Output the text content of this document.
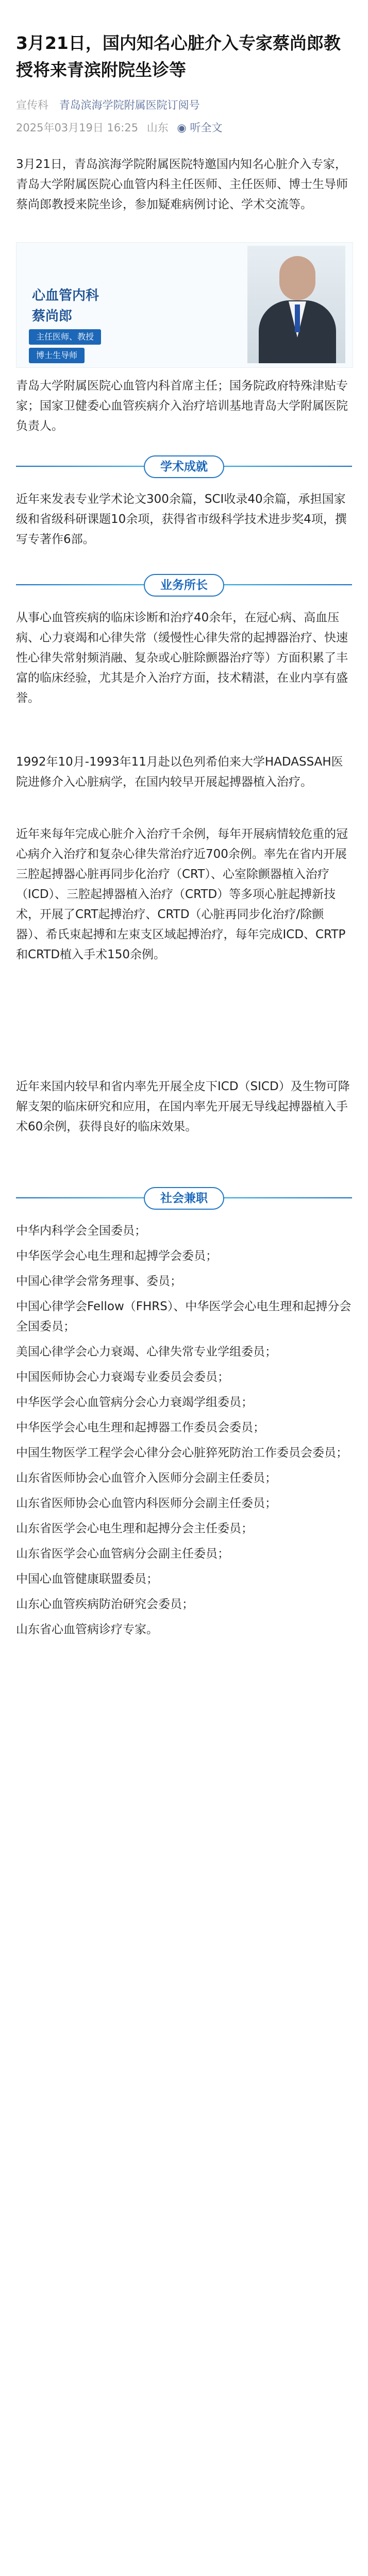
3月21日，国内知名心脏介入专家蔡尚郎教授将来青滨附院坐诊等
宣传科 青岛滨海学院附属医院订阅号
2025年03月19日 16:25 山东 ◉ 听全文

3月21日，青岛滨海学院附属医院特邀国内知名心脏介入专家，青岛大学附属医院心血管内科主任医师、主任医师、博士生导师蔡尚郎教授来院坐诊，参加疑难病例讨论、学术交流等。

心血管内科
蔡尚郎
主任医师、教授
博士生导师

青岛大学附属医院心血管内科首席主任；国务院政府特殊津贴专家；国家卫健委心血管疾病介入治疗培训基地青岛大学附属医院负责人。

学术成就

近年来发表专业学术论文300余篇，SCI收录40余篇，承担国家级和省级科研课题10余项，获得省市级科学技术进步奖4项，撰写专著作6部。

业务所长

从事心血管疾病的临床诊断和治疗40余年，在冠心病、高血压病、心力衰竭和心律失常（缓慢性心律失常的起搏器治疗、快速性心律失常射频消融、复杂或心脏除颤器治疗等）方面积累了丰富的临床经验，尤其是介入治疗方面，技术精湛，在业内享有盛誉。

1992年10月-1993年11月赴以色列希伯来大学HADASSAH医院进修介入心脏病学，在国内较早开展起搏器植入治疗。

近年来每年完成心脏介入治疗千余例，每年开展病情较危重的冠心病介入治疗和复杂心律失常治疗近700余例。率先在省内开展三腔起搏器心脏再同步化治疗（CRT）、心室除颤器植入治疗（ICD）、三腔起搏器植入治疗（CRTD）等多项心脏起搏新技术，开展了CRT起搏治疗、CRTD（心脏再同步化治疗/除颤器）、希氏束起搏和左束支区域起搏治疗，每年完成ICD、CRTP和CRTD植入手术150余例。

近年来国内较早和省内率先开展全皮下ICD（SICD）及生物可降解支架的临床研究和应用，在国内率先开展无导线起搏器植入手术60余例，获得良好的临床效果。

社会兼职
中华内科学会全国委员；
中华医学会心电生理和起搏学会委员；
中国心律学会常务理事、委员；
中国心律学会Fellow（FHRS）、中华医学会心电生理和起搏分会全国委员；
美国心律学会心力衰竭、心律失常专业学组委员；
中国医师协会心力衰竭专业委员会委员；
中华医学会心血管病分会心力衰竭学组委员；
中华医学会心电生理和起搏器工作委员会委员；
中国生物医学工程学会心律分会心脏猝死防治工作委员会委员；
山东省医师协会心血管介入医师分会副主任委员；
山东省医师协会心血管内科医师分会副主任委员；
山东省医学会心电生理和起搏分会主任委员；
山东省医学会心血管病分会副主任委员；
中国心血管健康联盟委员；
山东心血管疾病防治研究会委员；
山东省心血管病诊疗专家。
